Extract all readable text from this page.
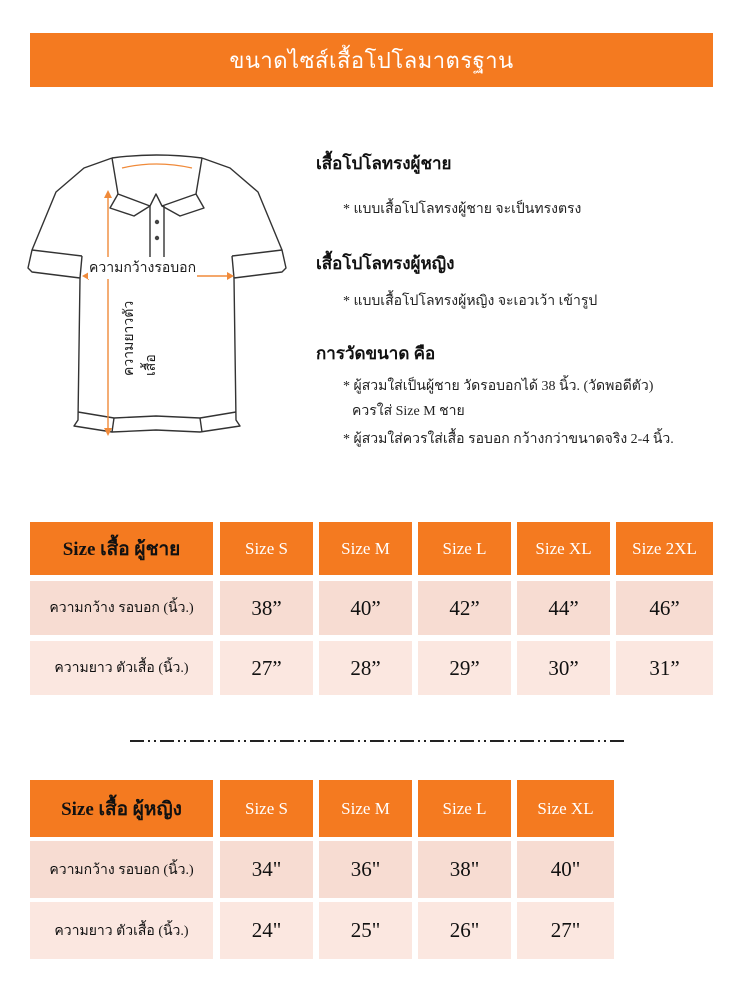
ขนาดไซส์เสื้อโปโลมาตรฐาน
ความกว้างรอบอก
ความยาวตัวเสื้อ
เสื้อโปโลทรงผู้ชาย
* แบบเสื้อโปโลทรงผู้ชาย จะเป็นทรงตรง
เสื้อโปโลทรงผู้หญิง
* แบบเสื้อโปโลทรงผู้หญิง จะเอวเว้า เข้ารูป
การวัดขนาด คือ
* ผู้สวมใส่เป็นผู้ชาย วัดรอบอกได้ 38 นิ้ว. (วัดพอดีตัว)
ควรใส่ Size M ชาย
* ผู้สวมใส่ควรใส่เสื้อ รอบอก กว้างกว่าขนาดจริง 2-4 นิ้ว.
Size เสื้อ ผู้ชาย	Size S	Size M	Size L	Size XL	Size 2XL
ความกว้าง รอบอก (นิ้ว.)	38”	40”	42”	44”	46”
ความยาว ตัวเสื้อ (นิ้ว.)	27”	28”	29”	30”	31”
Size เสื้อ ผู้หญิง	Size S	Size M	Size L	Size XL
ความกว้าง รอบอก (นิ้ว.)	34"	36"	38"	40"
ความยาว ตัวเสื้อ (นิ้ว.)	24"	25"	26"	27"
